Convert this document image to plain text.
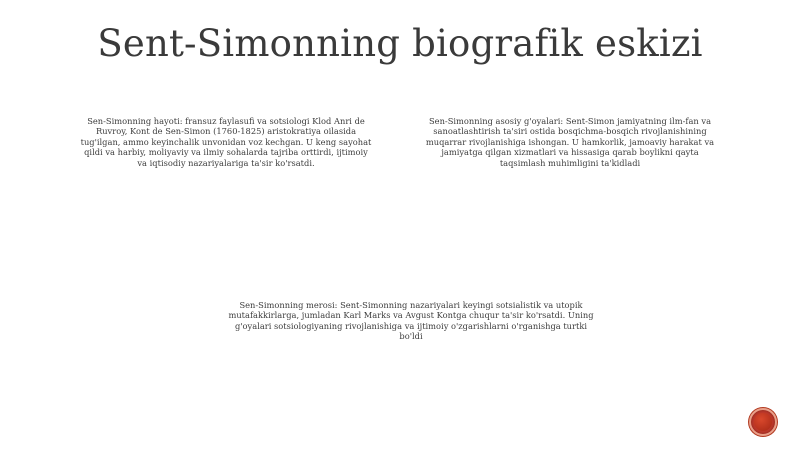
Sent-Simonning biografik eskizi
Sen-Simonning hayoti: fransuz faylasufi va sotsiologi Klod Anri de Ruvroy, Kont de Sen-Simon (1760-1825) aristokratiya oilasida tug'ilgan, ammo keyinchalik unvonidan voz kechgan. U keng sayohat qildi va harbiy, moliyaviy va ilmiy sohalarda tajriba orttirdi, ijtimoiy va iqtisodiy nazariyalariga ta'sir ko'rsatdi.
Sen-Simonning asosiy g'oyalari: Sent-Simon jamiyatning ilm-fan va sanoatlashtirish ta'siri ostida bosqichma-bosqich rivojlanishining muqarrar rivojlanishiga ishongan. U hamkorlik, jamoaviy harakat va jamiyatga qilgan xizmatlari va hissasiga qarab boylikni qayta taqsimlash muhimligini ta'kidladi
Sen-Simonning merosi: Sent-Simonning nazariyalari keyingi sotsialistik va utopik mutafakkirlarga, jumladan Karl Marks va Avgust Kontga chuqur ta'sir ko'rsatdi. Uning g'oyalari sotsiologiyaning rivojlanishiga va ijtimoiy o'zgarishlarni o'rganishga turtki bo'ldi
